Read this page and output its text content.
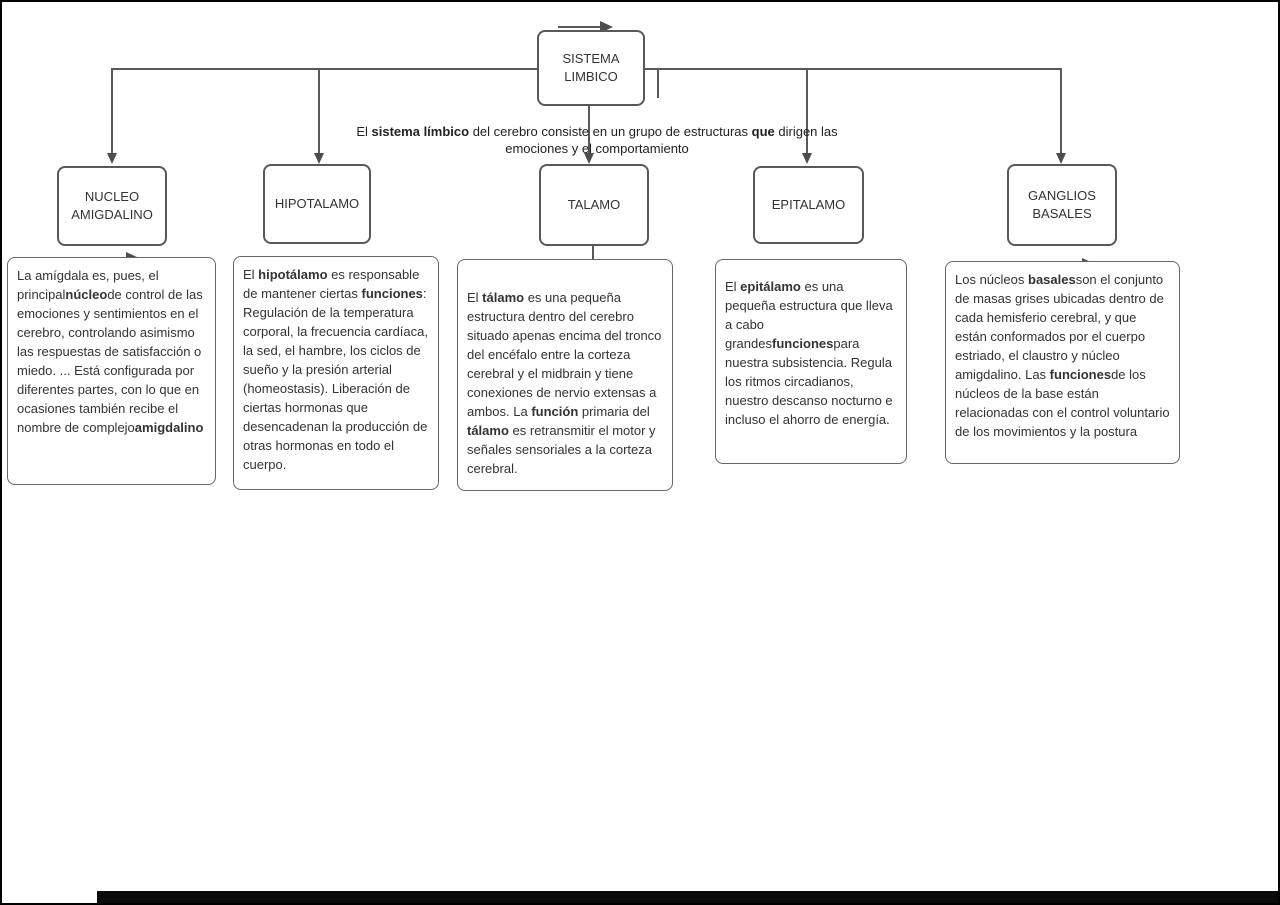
SISTEMA LIMBICO
El sistema límbico del cerebro consiste en un grupo de estructuras que dirigen las emociones y el comportamiento
NUCLEO AMIGDALINO
HIPOTALAMO	TALAMO	EPITALAMO
GANGLIOS BASALES
La amígdala es, pues, el principalnúcleode control de las emociones y sentimientos en el cerebro, controlando asimismo las respuestas de satisfacción o miedo. ... Está configurada por diferentes partes, con lo que en ocasiones también recibe el nombre de complejoamigdalino
El hipotálamo es responsable de mantener ciertas funciones: Regulación de la temperatura corporal, la frecuencia cardíaca, la sed, el hambre, los ciclos de sueño y la presión arterial (homeostasis). Liberación de ciertas hormonas que desencadenan la producción de otras hormonas en todo el cuerpo.
El tálamo es una pequeña estructura dentro del cerebro situado apenas encima del tronco del encéfalo entre la corteza cerebral y el midbrain y tiene conexiones de nervio extensas a ambos. La función primaria del tálamo es retransmitir el motor y señales sensoriales a la corteza cerebral.
El epitálamo es una pequeña estructura que lleva a cabo grandesfuncionespara nuestra subsistencia. Regula los ritmos circadianos, nuestro descanso nocturno e incluso el ahorro de energía.
Los núcleos basalesson el conjunto de masas grises ubicadas dentro de cada hemisferio cerebral, y que están conformados por el cuerpo estriado, el claustro y núcleo amigdalino. Las funcionesde los núcleos de la base están relacionadas con el control voluntario de los movimientos y la postura
